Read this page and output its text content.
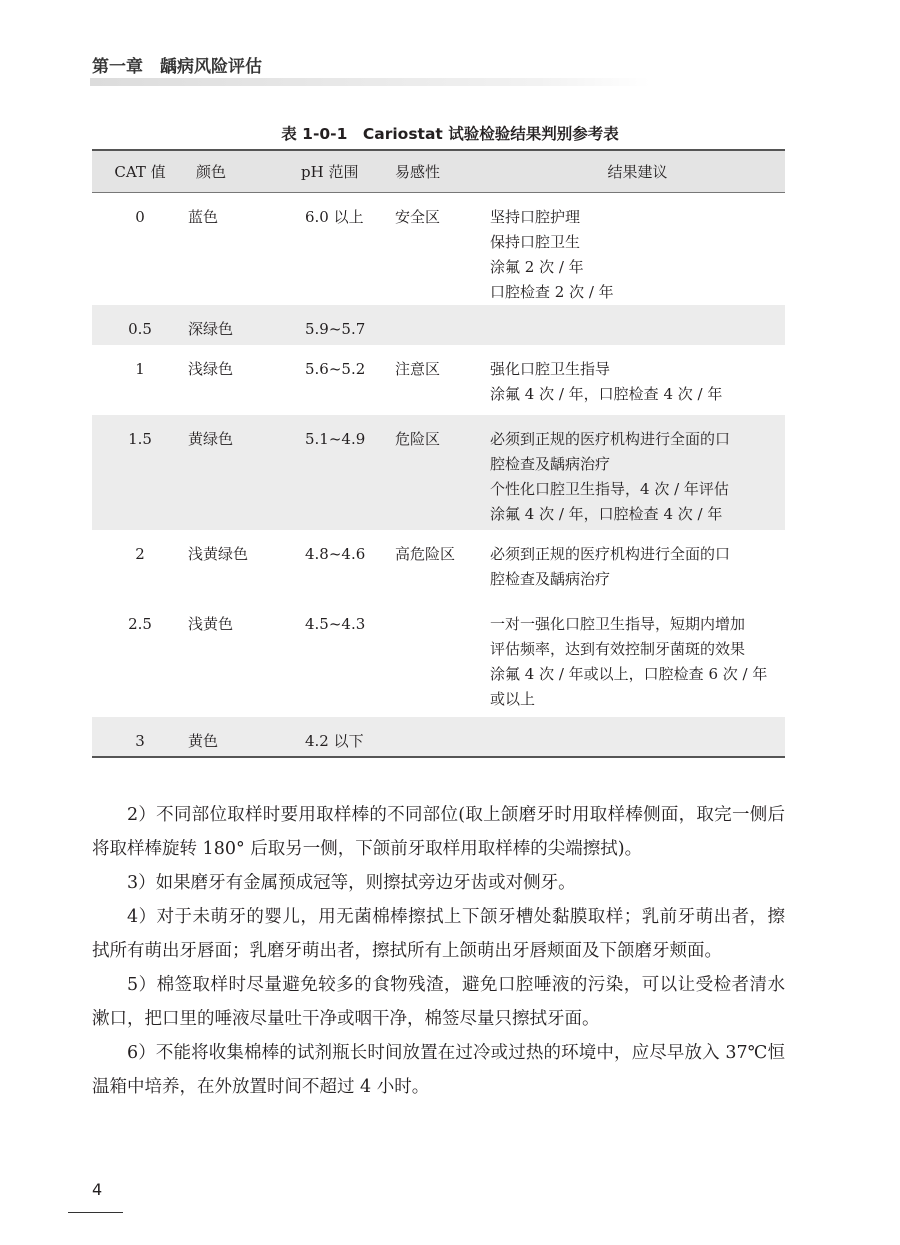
第一章　龋病风险评估
表 1-0-1　Cariostat 试验检验结果判别参考表
CAT 值	颜色	pH 范围	易感性	结果建议
0	蓝色	6.0 以上	安全区	坚持口腔护理
保持口腔卫生
涂氟 2 次 / 年
口腔检查 2 次 / 年

0.5	深绿色	5.9~5.7		
1	浅绿色	5.6~5.2	注意区	强化口腔卫生指导
涂氟 4 次 / 年，口腔检查 4 次 / 年

1.5	黄绿色	5.1~4.9	危险区	必须到正规的医疗机构进行全面的口
腔检查及龋病治疗
个性化口腔卫生指导，4 次 / 年评估
涂氟 4 次 / 年，口腔检查 4 次 / 年

2	浅黄绿色	4.8~4.6	高危险区	必须到正规的医疗机构进行全面的口
腔检查及龋病治疗

2.5	浅黄色	4.5~4.3		一对一强化口腔卫生指导，短期内增加
评估频率，达到有效控制牙菌斑的效果
涂氟 4 次 / 年或以上，口腔检查 6 次 / 年
或以上

3	黄色	4.2 以下		

2）不同部位取样时要用取样棒的不同部位(取上颌磨牙时用取样棒侧面，取完一侧后将取样棒旋转 180° 后取另一侧，下颌前牙取样用取样棒的尖端擦拭)。

3）如果磨牙有金属预成冠等，则擦拭旁边牙齿或对侧牙。

4）对于未萌牙的婴儿，用无菌棉棒擦拭上下颌牙槽处黏膜取样；乳前牙萌出者，擦拭所有萌出牙唇面；乳磨牙萌出者，擦拭所有上颌萌出牙唇颊面及下颌磨牙颊面。

5）棉签取样时尽量避免较多的食物残渣，避免口腔唾液的污染，可以让受检者清水漱口，把口里的唾液尽量吐干净或咽干净，棉签尽量只擦拭牙面。

6）不能将收集棉棒的试剂瓶长时间放置在过冷或过热的环境中，应尽早放入 37℃恒温箱中培养，在外放置时间不超过 4 小时。

4
